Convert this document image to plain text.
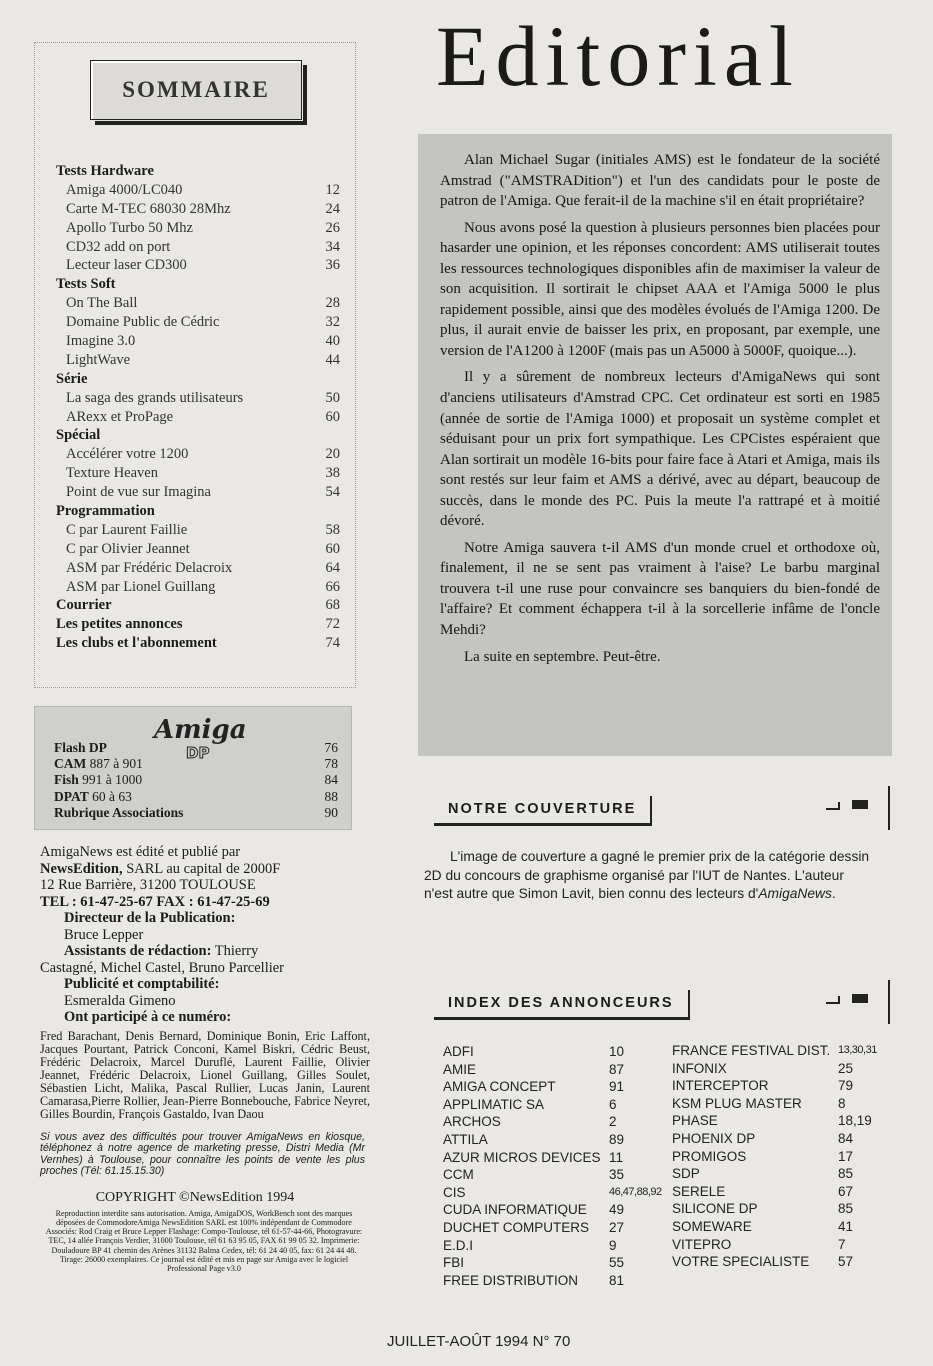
SOMMAIRE
Tests Hardware
Amiga 4000/LC040	12
Carte M-TEC 68030 28Mhz	24
Apollo Turbo 50 Mhz	26
CD32 add on port	34
Lecteur laser CD300	36
Tests Soft
On The Ball	28
Domaine Public de Cédric	32
Imagine 3.0	40
LightWave	44
Série
La saga des grands utilisateurs	50
ARexx et ProPage	60
Spécial
Accélérer votre 1200	20
Texture Heaven	38
Point de vue sur Imagina	54
Programmation
C par Laurent Faillie	58
C par Olivier Jeannet	60
ASM par Frédéric Delacroix	64
ASM par Lionel Guillang	66
Courrier	68
Les petites annonces	72
Les clubs et l'abonnement	74
Amiga
DP
Flash DP	76
CAM 887 à 901	78
Fish 991 à 1000	84
DPAT 60 à 63	88
Rubrique Associations	90
AmigaNews est édité et publié par
NewsEdition, SARL au capital de 2000F
12 Rue Barrière, 31200 TOULOUSE
TEL : 61-47-25-67 FAX : 61-47-25-69
Directeur de la Publication:
Bruce Lepper
Assistants de rédaction: Thierry
Castagné, Michel Castel, Bruno Parcellier
Publicité et comptabilité:
Esmeralda Gimeno
Ont participé à ce numéro:
Fred Barachant, Denis Bernard, Dominique Bonin, Eric Laffont, Jacques Pourtant, Patrick Conconi, Kamel Biskri, Cédric Beust, Frédéric Delacroix, Marcel Duruflé, Laurent Faillie, Olivier Jeannet, Frédéric Delacroix, Lionel Guillang, Gilles Soulet, Sébastien Licht, Malika, Pascal Rullier, Lucas Janin, Laurent Camarasa,Pierre Rollier, Jean-Pierre Bonnebouche, Fabrice Neyret, Gilles Bourdin, François Gastaldo, Ivan Daou
Si vous avez des difficultés pour trouver AmigaNews en kiosque, téléphonez à notre agence de marketing presse, Distri Media (Mr Vernhes) à Toulouse, pour connaître les points de vente les plus proches (Tél: 61.15.15.30)
COPYRIGHT ©NewsEdition 1994
Reproduction interdite sans autorisation. Amiga, AmigaDOS, WorkBench sont des marques déposées de CommodoreAmiga NewsEdition SARL est 100% indépendant de Commodore Associés: Rod Craig et Bruce Lepper Flashage: Compo-Toulouse, tél 61-57-44-66, Photogravure: TEC, 14 allée François Verdier, 31000 Toulouse, tél 61 63 95 05, FAX 61 99 05 32. Imprimerie: Douladoure BP 41 chemin des Arènes 31132 Balma Cedex, tél: 61 24 40 05, fax: 61 24 44 48. Tirage: 26000 exemplaires. Ce journal est édité et mis en page sur Amiga avec le logiciel Professional Page v3.0
Editorial

Alan Michael Sugar (initiales AMS) est le fondateur de la société Amstrad ("AMSTRADition") et l'un des candidats pour le poste de patron de l'Amiga. Que ferait-il de la machine s'il en était propriétaire?

Nous avons posé la question à plusieurs personnes bien placées pour hasarder une opinion, et les réponses concordent: AMS utiliserait toutes les ressources technologiques disponibles afin de maximiser la valeur de son acquisition. Il sortirait le chipset AAA et l'Amiga 5000 le plus rapidement possible, ainsi que des modèles évolués de l'Amiga 1200. De plus, il aurait envie de baisser les prix, en proposant, par exemple, une version de l'A1200 à 1200F (mais pas un A5000 à 5000F, quoique...).

Il y a sûrement de nombreux lecteurs d'AmigaNews qui sont d'anciens utilisateurs d'Amstrad CPC. Cet ordinateur est sorti en 1985 (année de sortie de l'Amiga 1000) et proposait un système complet et séduisant pour un prix fort sympathique. Les CPCistes espéraient que Alan sortirait un modèle 16-bits pour faire face à Atari et Amiga, mais ils sont restés sur leur faim et AMS a dérivé, avec au départ, beaucoup de succès, dans le monde des PC. Puis la meute l'a rattrapé et à moitié dévoré.

Notre Amiga sauvera t-il AMS d'un monde cruel et orthodoxe où, finalement, il ne se sent pas vraiment à l'aise? Le barbu marginal trouvera t-il une ruse pour convaincre ses banquiers du bien-fondé de l'affaire? Et comment échappera t-il à la sorcellerie infâme de l'oncle Mehdi?

La suite en septembre. Peut-être.

NOTRE COUVERTURE

L'image de couverture a gagné le premier prix de la catégorie dessin 2D du concours de graphisme organisé par l'IUT de Nantes. L'auteur n'est autre que Simon Lavit, bien connu des lecteurs d'AmigaNews.

INDEX DES ANNONCEURS
ADFI	10
AMIE	87
AMIGA CONCEPT	91
APPLIMATIC SA	6
ARCHOS	2
ATTILA	89
AZUR MICROS DEVICES 11
CCM	35
CIS	46,47,88,92
CUDA INFORMATIQUE 49
DUCHET COMPUTERS 27
E.D.I	9
FBI	55
FREE DISTRIBUTION 81
FRANCE FESTIVAL DIST. 13,30,31
INFONIX	25
INTERCEPTOR	79
KSM PLUG MASTER	8
PHASE	18,19
PHOENIX DP	84
PROMIGOS	17
SDP	85
SERELE	67
SILICONE DP	85
SOMEWARE	41
VITEPRO	7
VOTRE SPECIALISTE 57
JUILLET-AOÛT 1994 N° 70
